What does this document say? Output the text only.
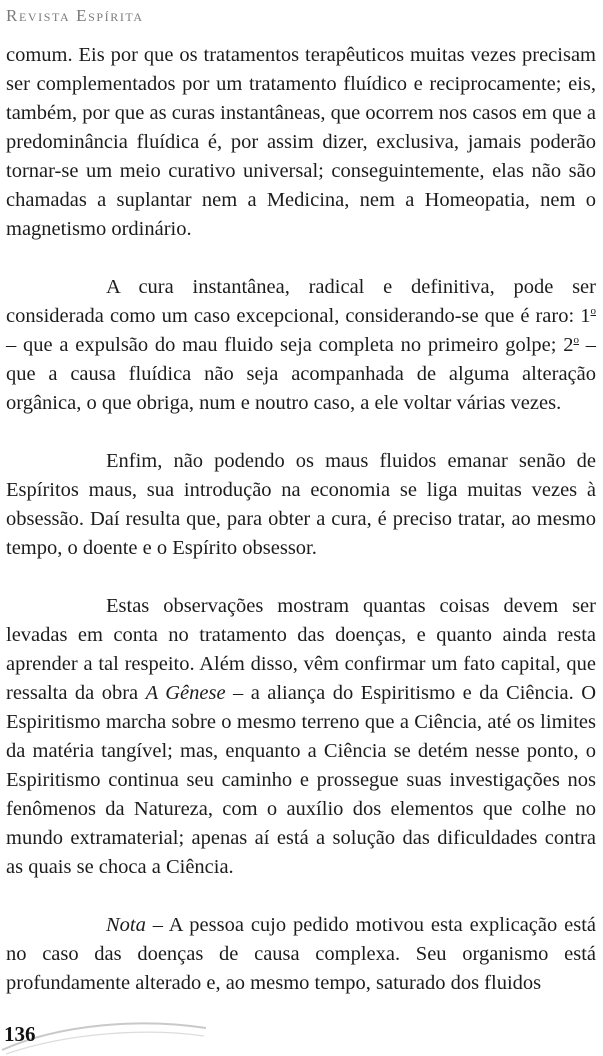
Revista Espírita

comum. Eis por que os tratamentos terapêuticos muitas vezes precisam ser complementados por um tratamento fluídico e reciprocamente; eis, também, por que as curas instantâneas, que ocorrem nos casos em que a predominância fluídica é, por assim dizer, exclusiva, jamais poderão tornar-se um meio curativo universal; conseguintemente, elas não são chamadas a suplantar nem a Medicina, nem a Homeopatia, nem o magnetismo ordinário.

A cura instantânea, radical e definitiva, pode ser considerada como um caso excepcional, considerando-se que é raro: 1$^o$ – que a expulsão do mau fluido seja completa no primeiro golpe; 2$^o$ – que a causa fluídica não seja acompanhada de alguma alteração orgânica, o que obriga, num e noutro caso, a ele voltar várias vezes.

Enfim, não podendo os maus fluidos emanar senão de Espíritos maus, sua introdução na economia se liga muitas vezes à obsessão. Daí resulta que, para obter a cura, é preciso tratar, ao mesmo tempo, o doente e o Espírito obsessor.

Estas observações mostram quantas coisas devem ser levadas em conta no tratamento das doenças, e quanto ainda resta aprender a tal respeito. Além disso, vêm confirmar um fato capital, que ressalta da obra A Gênese – a aliança do Espiritismo e da Ciência. O Espiritismo marcha sobre o mesmo terreno que a Ciência, até os limites da matéria tangível; mas, enquanto a Ciência se detém nesse ponto, o Espiritismo continua seu caminho e prossegue suas investigações nos fenômenos da Natureza, com o auxílio dos elementos que colhe no mundo extramaterial; apenas aí está a solução das dificuldades contra as quais se choca a Ciência.

Nota – A pessoa cujo pedido motivou esta explicação está no caso das doenças de causa complexa. Seu organismo está profundamente alterado e, ao mesmo tempo, saturado dos fluidos

136
